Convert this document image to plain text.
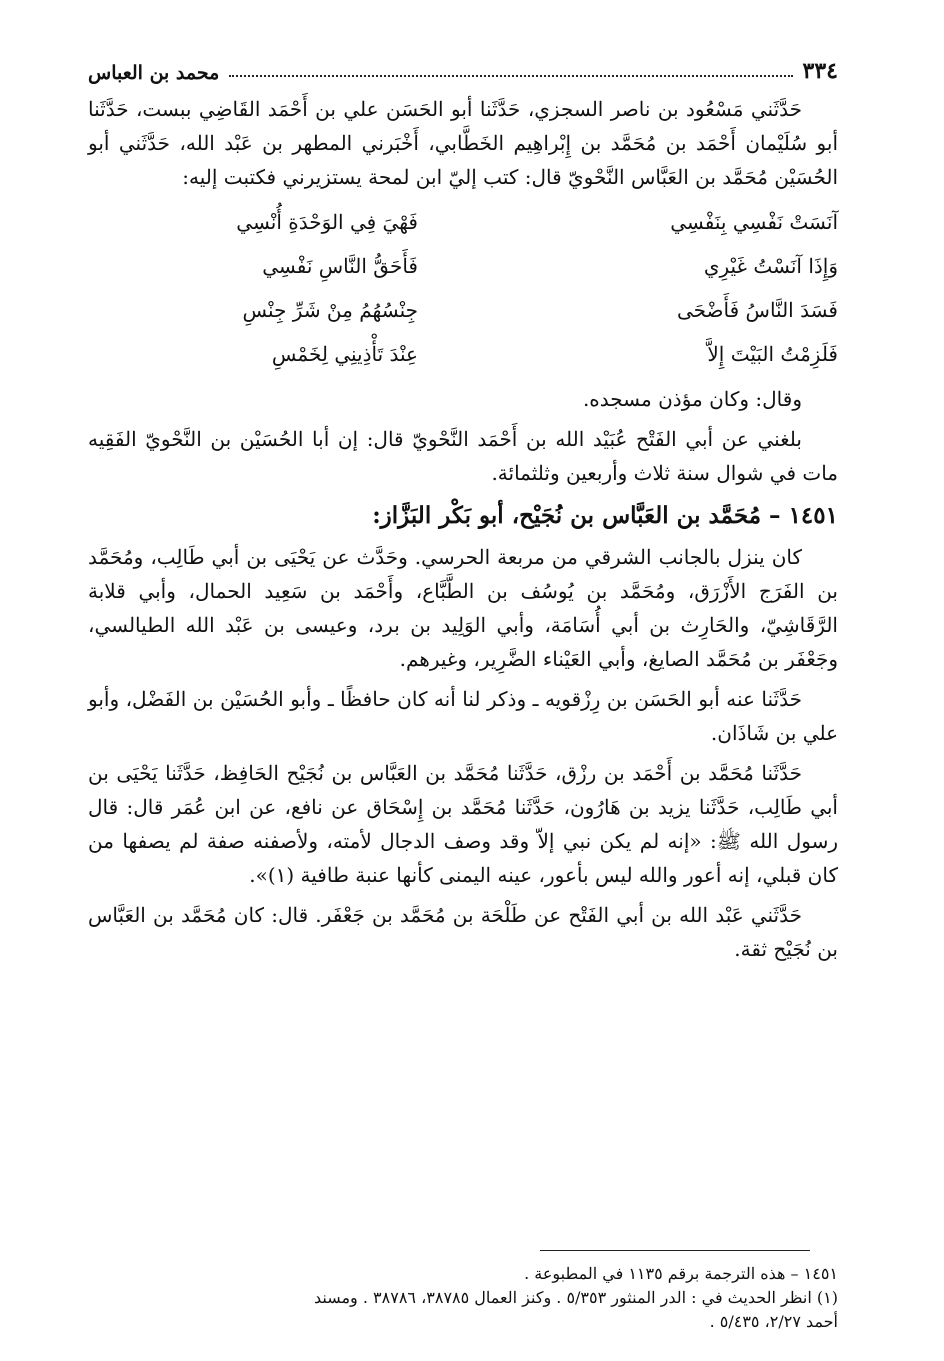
٣٣٤
محمد بن العباس

حَدَّثَني مَسْعُود بن ناصر السجزي، حَدَّثَنا أبو الحَسَن علي بن أَحْمَد القَاضِي ببست، حَدَّثَنا أبو سُلَيْمان أَحْمَد بن مُحَمَّد بن إِبْراهِيم الخَطَّابي، أَخْبَرني المطهر بن عَبْد الله، حَدَّثَني أبو الحُسَيْن مُحَمَّد بن العَبَّاس النَّحْويّ قال: كتب إليّ ابن لمحة يستزيرني فكتبت إليه:

آنَسَتْ نَفْسِي بِنَفْسِي
فَهْيَ فِي الوَحْدَةِ أُنْسِي
وَإِذَا آنَسْتُ غَيْرِي
فَأَحَقُّ النَّاسِ نَفْسِي
فَسَدَ النَّاسُ فَأَضْحَى
جِنْسُهُمُ مِنْ شَرِّ جِنْسِ
فَلَزِمْتُ البَيْتَ إِلاَّ
عِنْدَ تَأْذِينِي لِخَمْسِ

وقال: وكان مؤذن مسجده.

بلغني عن أبي الفَتْح عُبَيْد الله بن أَحْمَد النَّحْويّ قال: إن أبا الحُسَيْن بن النَّحْويّ الفَقِيه مات في شوال سنة ثلاث وأربعين وثلثمائة.

١٤٥١ – مُحَمَّد بن العَبَّاس بن نُجَيْح، أبو بَكْر البَزَّاز:

كان ينزل بالجانب الشرقي من مربعة الحرسي. وحَدَّث عن يَحْيَى بن أبي طَالِب، ومُحَمَّد بن الفَرَج الأَزْرَق، ومُحَمَّد بن يُوسُف بن الطَّبَّاع، وأَحْمَد بن سَعِيد الحمال، وأبي قلابة الرَّقَاشِيّ، والحَارِث بن أبي أُسَامَة، وأبي الوَلِيد بن برد، وعيسى بن عَبْد الله الطيالسي، وجَعْفَر بن مُحَمَّد الصايغ، وأبي العَيْناء الضَّرِير، وغيرهم.

حَدَّثَنا عنه أبو الحَسَن بن رِزْقويه ـ وذكر لنا أنه كان حافظًا ـ وأبو الحُسَيْن بن الفَضْل، وأبو علي بن شَاذَان.

حَدَّثَنا مُحَمَّد بن أَحْمَد بن رزْق، حَدَّثَنا مُحَمَّد بن العَبَّاس بن نُجَيْح الحَافِظ، حَدَّثَنا يَحْيَى بن أبي طَالِب، حَدَّثَنا يزيد بن هَارُون، حَدَّثَنا مُحَمَّد بن إِسْحَاق عن نافع، عن ابن عُمَر قال: قال رسول الله ﷺ: «إنه لم يكن نبي إلاّ وقد وصف الدجال لأمته، ولأصفنه صفة لم يصفها من كان قبلي، إنه أعور والله ليس بأعور، عينه اليمنى كأنها عنبة طافية (١)».

حَدَّثَني عَبْد الله بن أبي الفَتْح عن طَلْحَة بن مُحَمَّد بن جَعْفَر. قال: كان مُحَمَّد بن العَبَّاس بن نُجَيْح ثقة.

١٤٥١ – هذه الترجمة برقم ١١٣٥ في المطبوعة .
(١) انظر الحديث في : الدر المنثور ٥/٣٥٣ . وكنز العمال ٣٨٧٨٥، ٣٨٧٨٦ . ومسند
أحمد ٢/٢٧، ٥/٤٣٥ .
